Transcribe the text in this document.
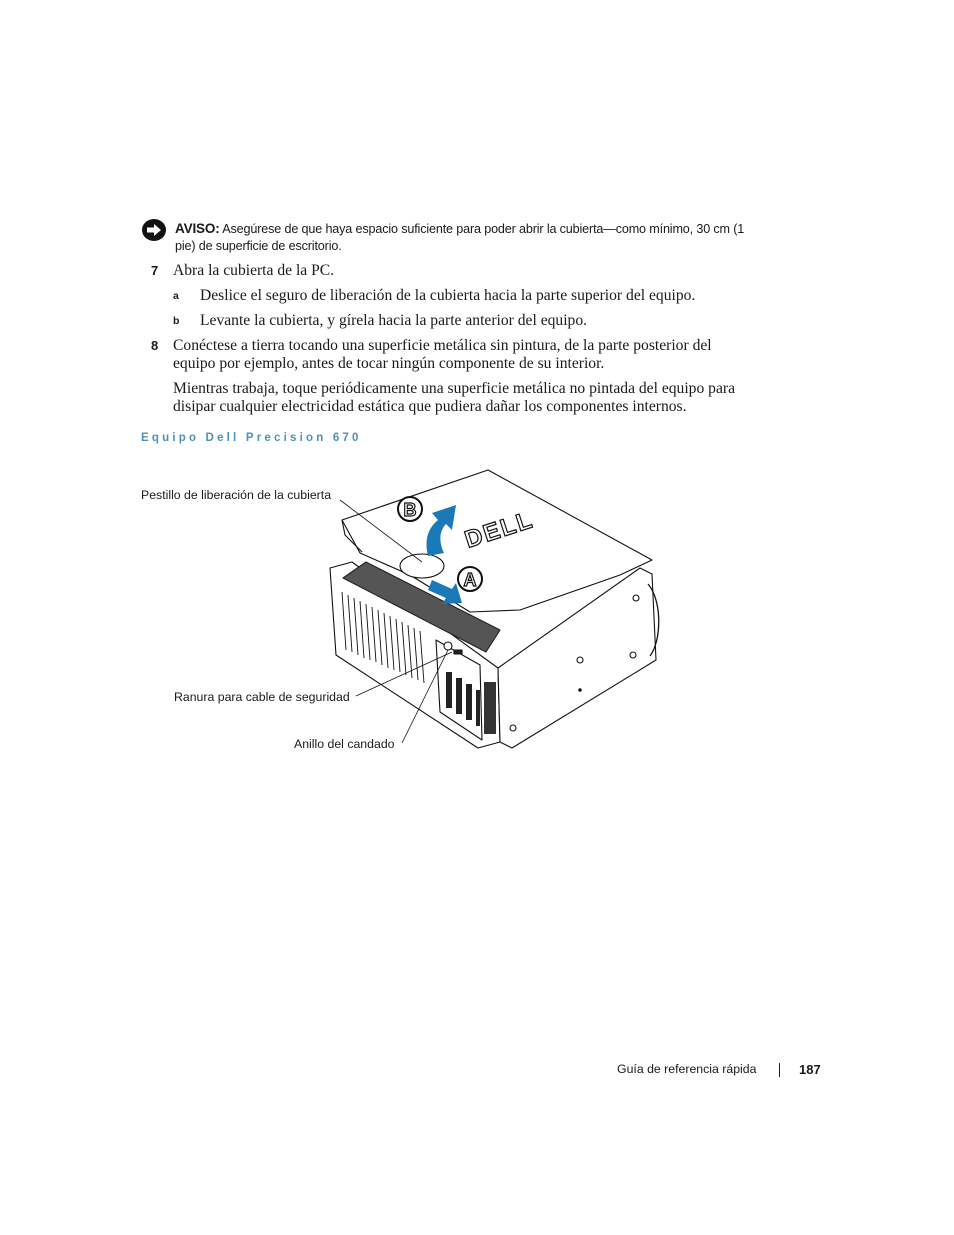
AVISO: Asegúrese de que haya espacio suficiente para poder abrir la cubierta—como mínimo, 30 cm (1 pie) de superficie de escritorio.
7 Abra la cubierta de la PC.
a Deslice el seguro de liberación de la cubierta hacia la parte superior del equipo.
b Levante la cubierta, y gírela hacia la parte anterior del equipo.
8 Conéctese a tierra tocando una superficie metálica sin pintura, de la parte posterior del
equipo por ejemplo, antes de tocar ningún componente de su interior.
Mientras trabaja, toque periódicamente una superficie metálica no pintada del equipo para
disipar cualquier electricidad estática que pudiera dañar los componentes internos.
Equipo Dell Precision 670
DELL
B
A
Pestillo de liberación de la cubierta
Ranura para cable de seguridad
Anillo del candado
Guía de referencia rápida	187
